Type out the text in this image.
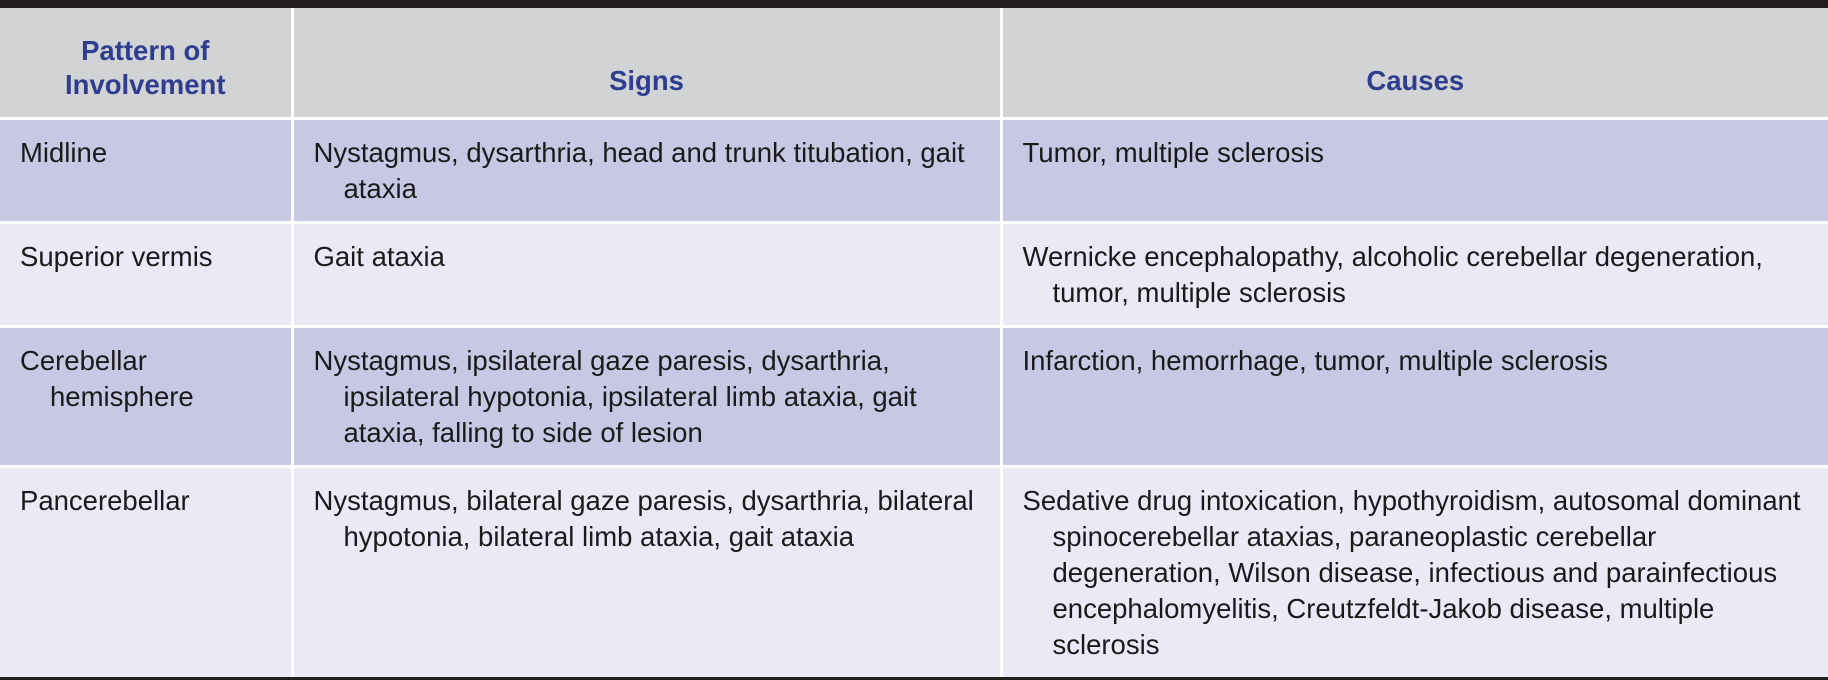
Pattern of Involvement	Signs	Causes
Midline	Nystagmus, dysarthria, head and trunk titubation, gait ataxia	Tumor, multiple sclerosis

Superior vermis	Gait ataxia	Wernicke encephalopathy, alcoholic cerebellar degeneration, tumor, multiple sclerosis

Cerebellar hemisphere	Nystagmus, ipsilateral gaze paresis, dysarthria, ipsilateral hypotonia, ipsilateral limb ataxia, gait ataxia, falling to side of lesion	Infarction, hemorrhage, tumor, multiple sclerosis

Pancerebellar	Nystagmus, bilateral gaze paresis, dysarthria, bilateral hypotonia, bilateral limb ataxia, gait ataxia	Sedative drug intoxication, hypothyroidism, autosomal dominant spinocerebellar ataxias, paraneoplastic cerebellar degeneration, Wilson disease, infectious and parainfectious encephalomyelitis, Creutzfeldt-Jakob disease, multiple sclerosis
